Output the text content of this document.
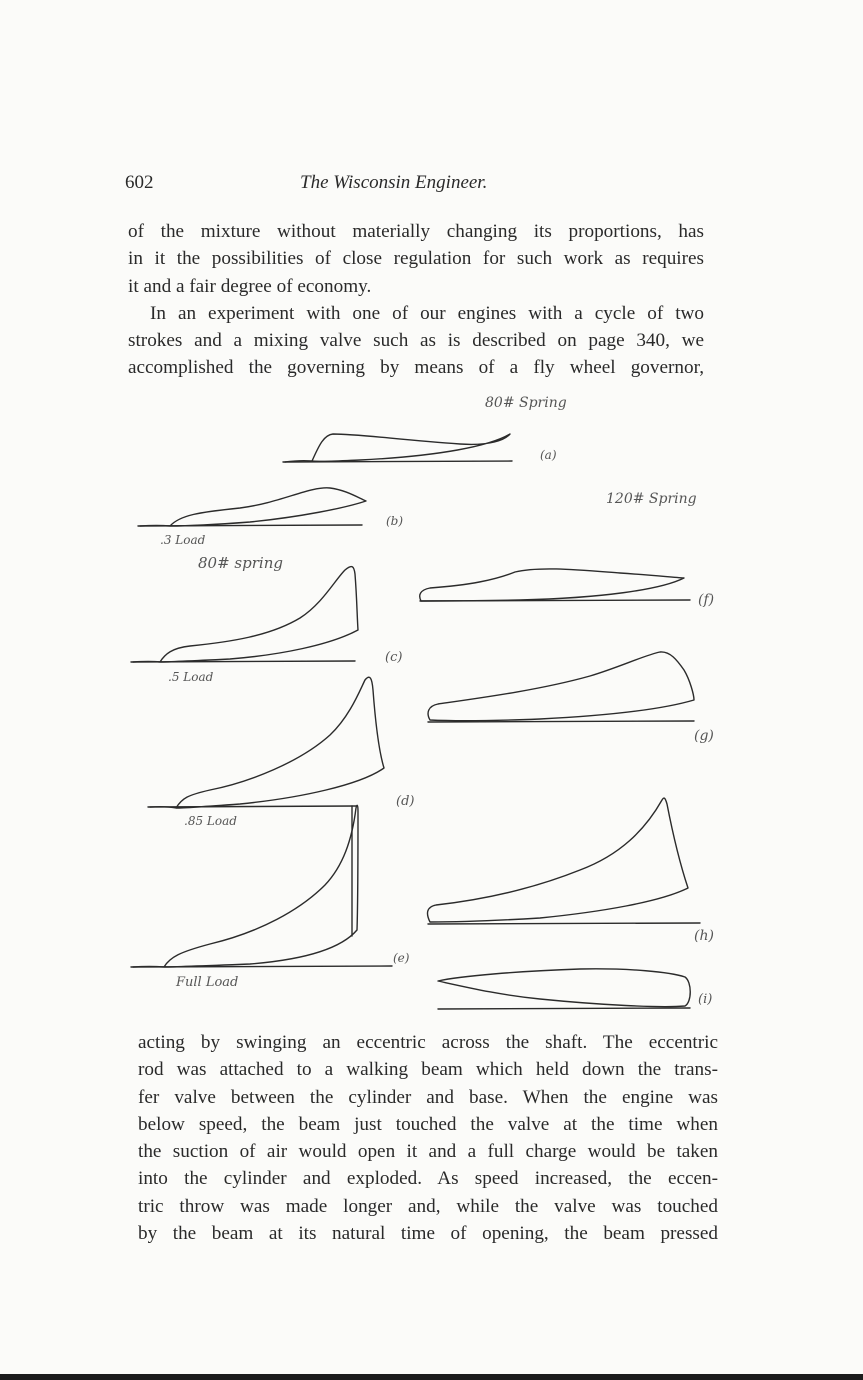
602	The Wisconsin Engineer.
of the mixture without materially changing its proportions, has
in it the possibilities of close regulation for such work as requires
it and a fair degree of economy.
In an experiment with one of our engines with a cycle of two
strokes and a mixing valve such as is described on page 340, we
accomplished the governing by means of a fly wheel governor,
80# Spring
120# Spring
80# spring
.3 Load
.5 Load
.85 Load
Full Load
(a)
(b)
(c)
(d)
(e)
(f)
(g)
(h)
(i)
acting by swinging an eccentric across the shaft. The eccentric
rod was attached to a walking beam which held down the trans-
fer valve between the cylinder and base. When the engine was
below speed, the beam just touched the valve at the time when
the suction of air would open it and a full charge would be taken
into the cylinder and exploded. As speed increased, the eccen-
tric throw was made longer and, while the valve was touched
by the beam at its natural time of opening, the beam pressed
